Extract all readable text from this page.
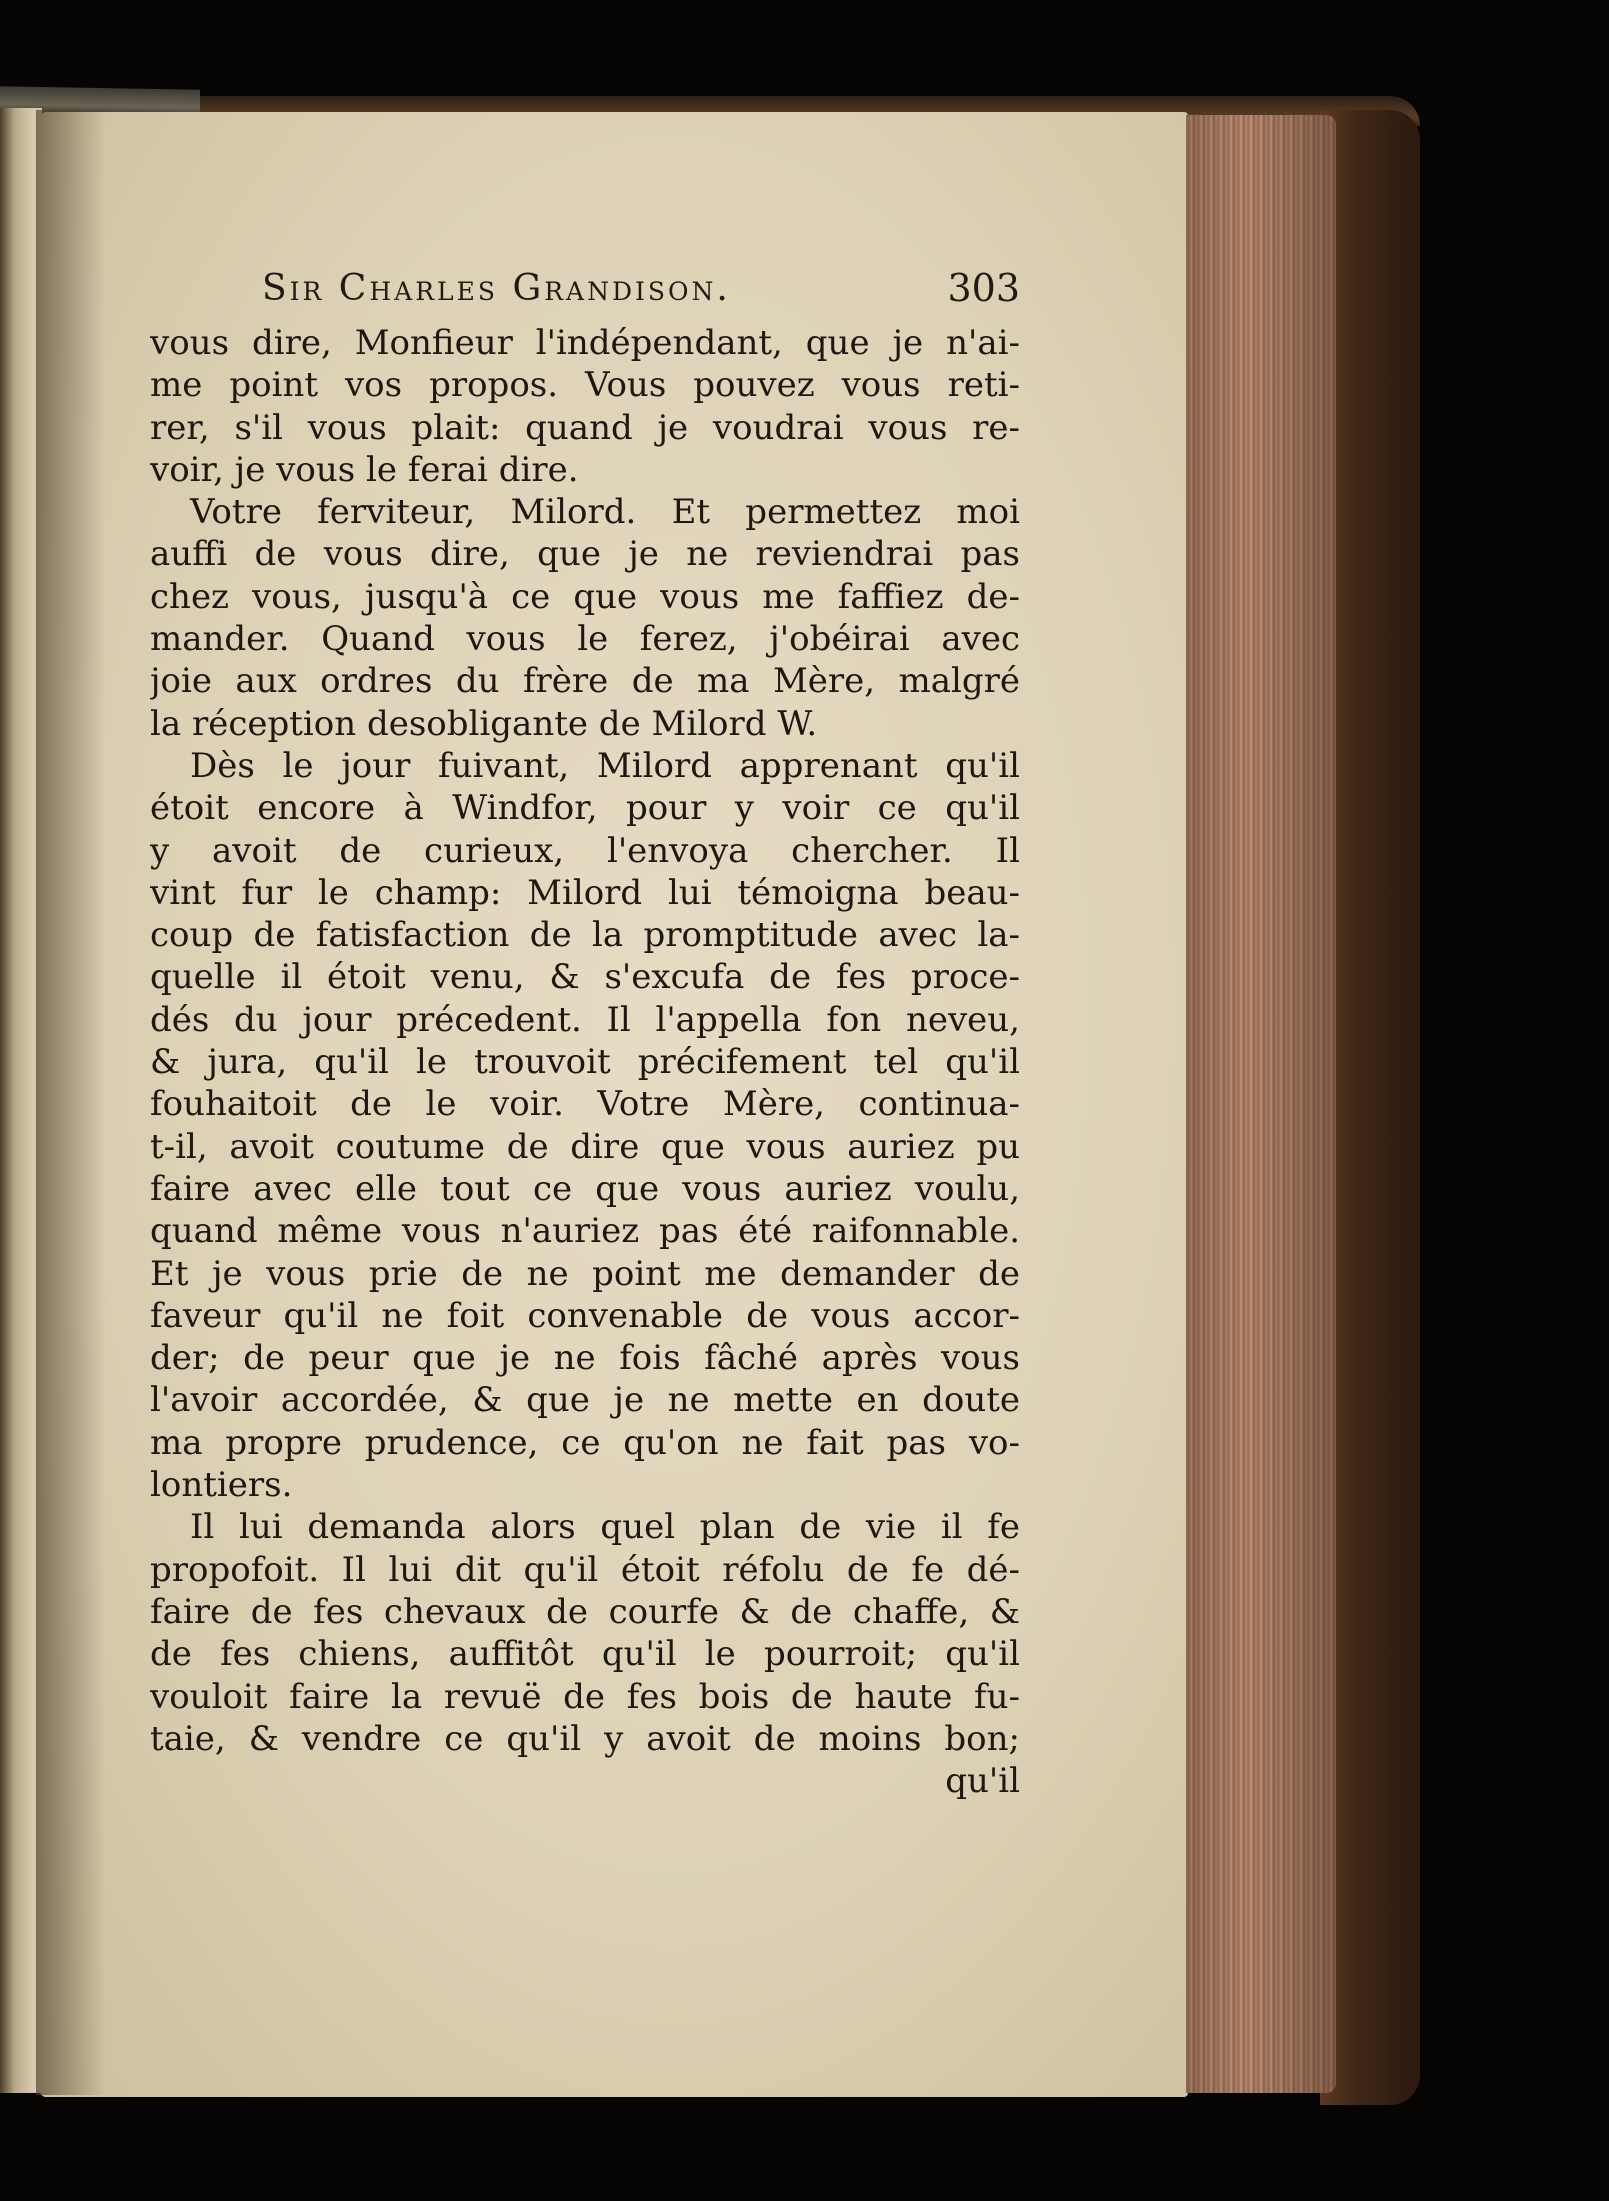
Sir Charles Grandison.	303
vous dire, Monfieur l'indépendant, que je n'ai-
me point vos propos. Vous pouvez vous reti-
rer, s'il vous plait: quand je voudrai vous re-
voir, je vous le ferai dire.
Votre ferviteur, Milord. Et permettez moi
auffi de vous dire, que je ne reviendrai pas
chez vous, jusqu'à ce que vous me faffiez de-
mander. Quand vous le ferez, j'obéirai avec
joie aux ordres du frère de ma Mère, malgré
la réception desobligante de Milord W.
Dès le jour fuivant, Milord apprenant qu'il
étoit encore à Windfor, pour y voir ce qu'il
y avoit de curieux, l'envoya chercher. Il
vint fur le champ: Milord lui témoigna beau-
coup de fatisfaction de la promptitude avec la-
quelle il étoit venu, & s'excufa de fes proce-
dés du jour précedent. Il l'appella fon neveu,
& jura, qu'il le trouvoit précifement tel qu'il
fouhaitoit de le voir. Votre Mère, continua-
t-il, avoit coutume de dire que vous auriez pu
faire avec elle tout ce que vous auriez voulu,
quand même vous n'auriez pas été raifonnable.
Et je vous prie de ne point me demander de
faveur qu'il ne foit convenable de vous accor-
der; de peur que je ne fois fâché après vous
l'avoir accordée, & que je ne mette en doute
ma propre prudence, ce qu'on ne fait pas vo-
lontiers.
Il lui demanda alors quel plan de vie il fe
propofoit. Il lui dit qu'il étoit réfolu de fe dé-
faire de fes chevaux de courfe & de chaffe, &
de fes chiens, auffitôt qu'il le pourroit; qu'il
vouloit faire la revuë de fes bois de haute fu-
taie, & vendre ce qu'il y avoit de moins bon;
qu'il
